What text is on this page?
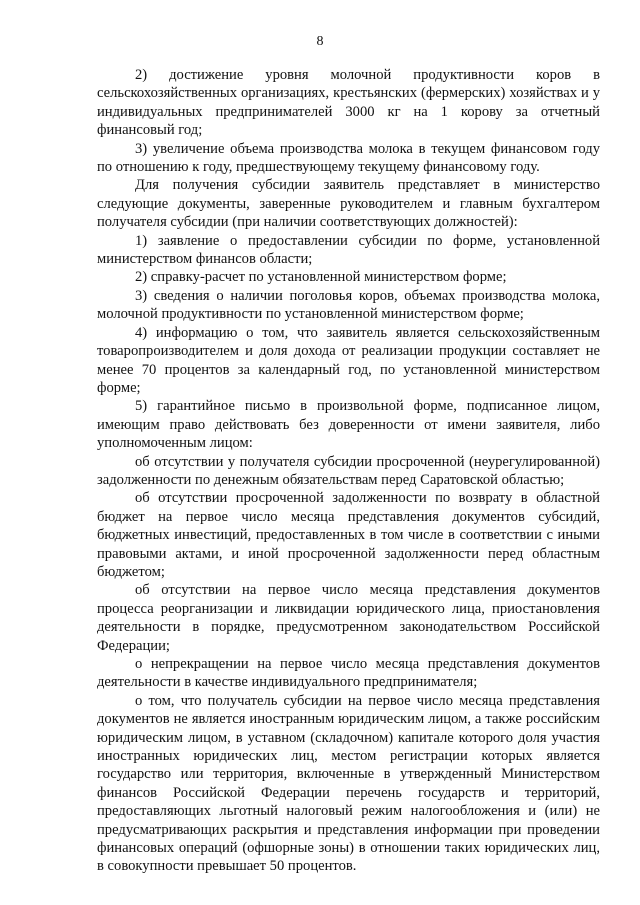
8

2) достижение уровня молочной продуктивности коров в сельскохозяйственных организациях, крестьянских (фермерских) хозяйствах и у индивидуальных предпринимателей 3000 кг на 1 корову за отчетный финансовый год;

3) увеличение объема производства молока в текущем финансовом году по отношению к году, предшествующему текущему финансовому году.

Для получения субсидии заявитель представляет в министерство следующие документы, заверенные руководителем и главным бухгалтером получателя субсидии (при наличии соответствующих должностей):

1) заявление о предоставлении субсидии по форме, установленной министерством финансов области;

2) справку-расчет по установленной министерством форме;

3) сведения о наличии поголовья коров, объемах производства молока, молочной продуктивности по установленной министерством форме;

4) информацию о том, что заявитель является сельскохозяйственным товаропроизводителем и доля дохода от реализации продукции составляет не менее 70 процентов за календарный год, по установленной министерством форме;

5) гарантийное письмо в произвольной форме, подписанное лицом, имеющим право действовать без доверенности от имени заявителя, либо уполномоченным лицом:

об отсутствии у получателя субсидии просроченной (неурегулированной) задолженности по денежным обязательствам перед Саратовской областью;

об отсутствии просроченной задолженности по возврату в областной бюджет на первое число месяца представления документов субсидий, бюджетных инвестиций, предоставленных в том числе в соответствии с иными правовыми актами, и иной просроченной задолженности перед областным бюджетом;

об отсутствии на первое число месяца представления документов процесса реорганизации и ликвидации юридического лица, приостановления деятельности в порядке, предусмотренном законодательством Российской Федерации;

о непрекращении на первое число месяца представления документов деятельности в качестве индивидуального предпринимателя;

о том, что получатель субсидии на первое число месяца представления документов не является иностранным юридическим лицом, а также российским юридическим лицом, в уставном (складочном) капитале которого доля участия иностранных юридических лиц, местом регистрации которых является государство или территория, включенные в утвержденный Министерством финансов Российской Федерации перечень государств и территорий, предоставляющих льготный налоговый режим налогообложения и (или) не предусматривающих раскрытия и представления информации при проведении финансовых операций (офшорные зоны) в отношении таких юридических лиц, в совокупности превышает 50 процентов.
